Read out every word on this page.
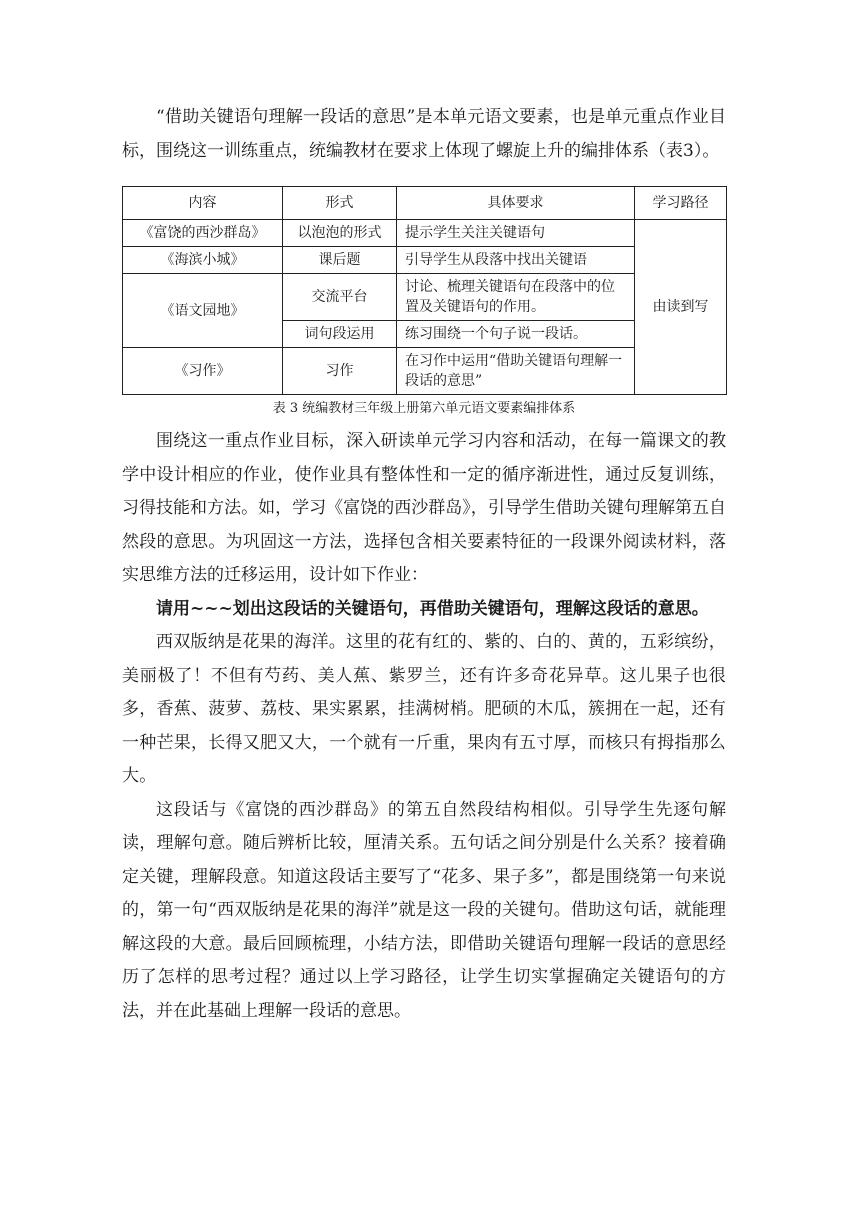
“借助关键语句理解一段话的意思”是本单元语文要素，也是单元重点作业目标，围绕这一训练重点，统编教材在要求上体现了螺旋上升的编排体系（表3）。

内容	形式	具体要求	学习路径
《富饶的西沙群岛》	以泡泡的形式	提示学生关注关键语句	由读到写
《海滨小城》	课后题	引导学生从段落中找出关键语	
《语文园地》	交流平台	讨论、梳理关键语句在段落中的位置及关键语句的作用。	
	词句段运用	练习围绕一个句子说一段话。	
《习作》	习作	在习作中运用“借助关键语句理解一段话的意思”	
表 3 统编教材三年级上册第六单元语文要素编排体系

围绕这一重点作业目标，深入研读单元学习内容和活动，在每一篇课文的教学中设计相应的作业，使作业具有整体性和一定的循序渐进性，通过反复训练，习得技能和方法。如，学习《富饶的西沙群岛》，引导学生借助关键句理解第五自然段的意思。为巩固这一方法，选择包含相关要素特征的一段课外阅读材料，落实思维方法的迁移运用，设计如下作业：

请用~~~划出这段话的关键语句，再借助关键语句，理解这段话的意思。

西双版纳是花果的海洋。这里的花有红的、紫的、白的、黄的，五彩缤纷，美丽极了！不但有芍药、美人蕉、紫罗兰，还有许多奇花异草。这儿果子也很多，香蕉、菠萝、荔枝、果实累累，挂满树梢。肥硕的木瓜，簇拥在一起，还有一种芒果，长得又肥又大，一个就有一斤重，果肉有五寸厚，而核只有拇指那么大。

这段话与《富饶的西沙群岛》的第五自然段结构相似。引导学生先逐句解读，理解句意。随后辨析比较，厘清关系。五句话之间分别是什么关系？接着确定关键，理解段意。知道这段话主要写了“花多、果子多”，都是围绕第一句来说的，第一句“西双版纳是花果的海洋”就是这一段的关键句。借助这句话，就能理解这段的大意。最后回顾梳理，小结方法，即借助关键语句理解一段话的意思经历了怎样的思考过程？通过以上学习路径，让学生切实掌握确定关键语句的方法，并在此基础上理解一段话的意思。
